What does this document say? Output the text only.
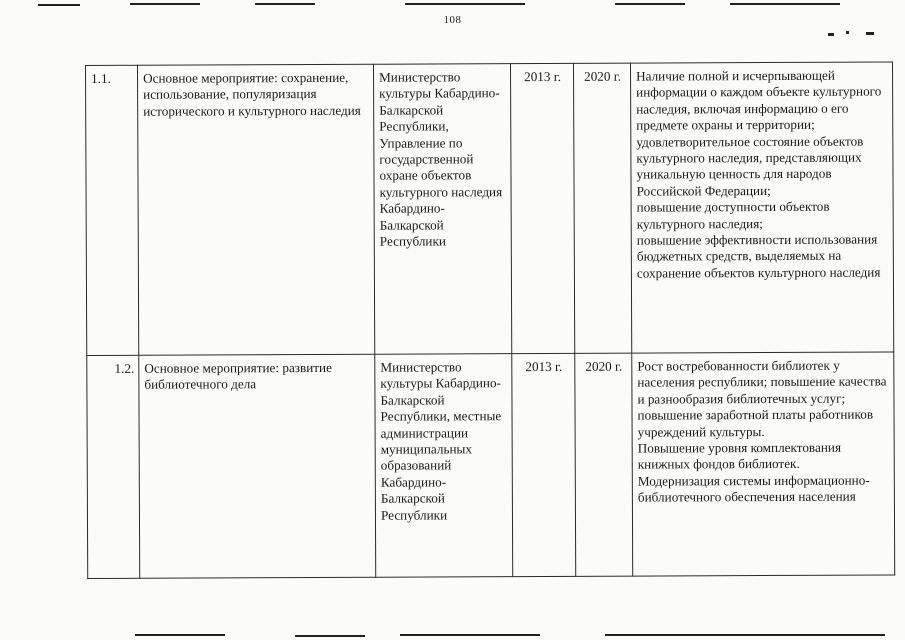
108
1.1.	Основное мероприятие: сохранение, использование, популяризация исторического и культурного наследия	Министерство культуры Кабардино-Балкарской Республики, Управление по государственной охране объектов культурного наследия Кабардино-Балкарской Республики	2013 г.	2020 г.	Наличие полной и исчерпывающей информации о каждом объекте культурного наследия, включая информацию о его предмете охраны и территории;
удовлетворительное состояние объектов культурного наследия, представляющих уникальную ценность для народов Российской Федерации;
повышение доступности объектов культурного наследия;
повышение эффективности использования бюджетных средств, выделяемых на сохранение объектов культурного наследия

1.2.	Основное мероприятие: развитие библиотечного дела	Министерство культуры Кабардино-Балкарской Республики, местные администрации муниципальных образований Кабардино-Балкарской Республики	2013 г.	2020 г.	Рост востребованности библиотек у населения республики; повышение качества и разнообразия библиотечных услуг; повышение заработной платы работников учреждений культуры.
Повышение уровня комплектования книжных фондов библиотек.
Модернизация системы информационно-библиотечного обеспечения населения
